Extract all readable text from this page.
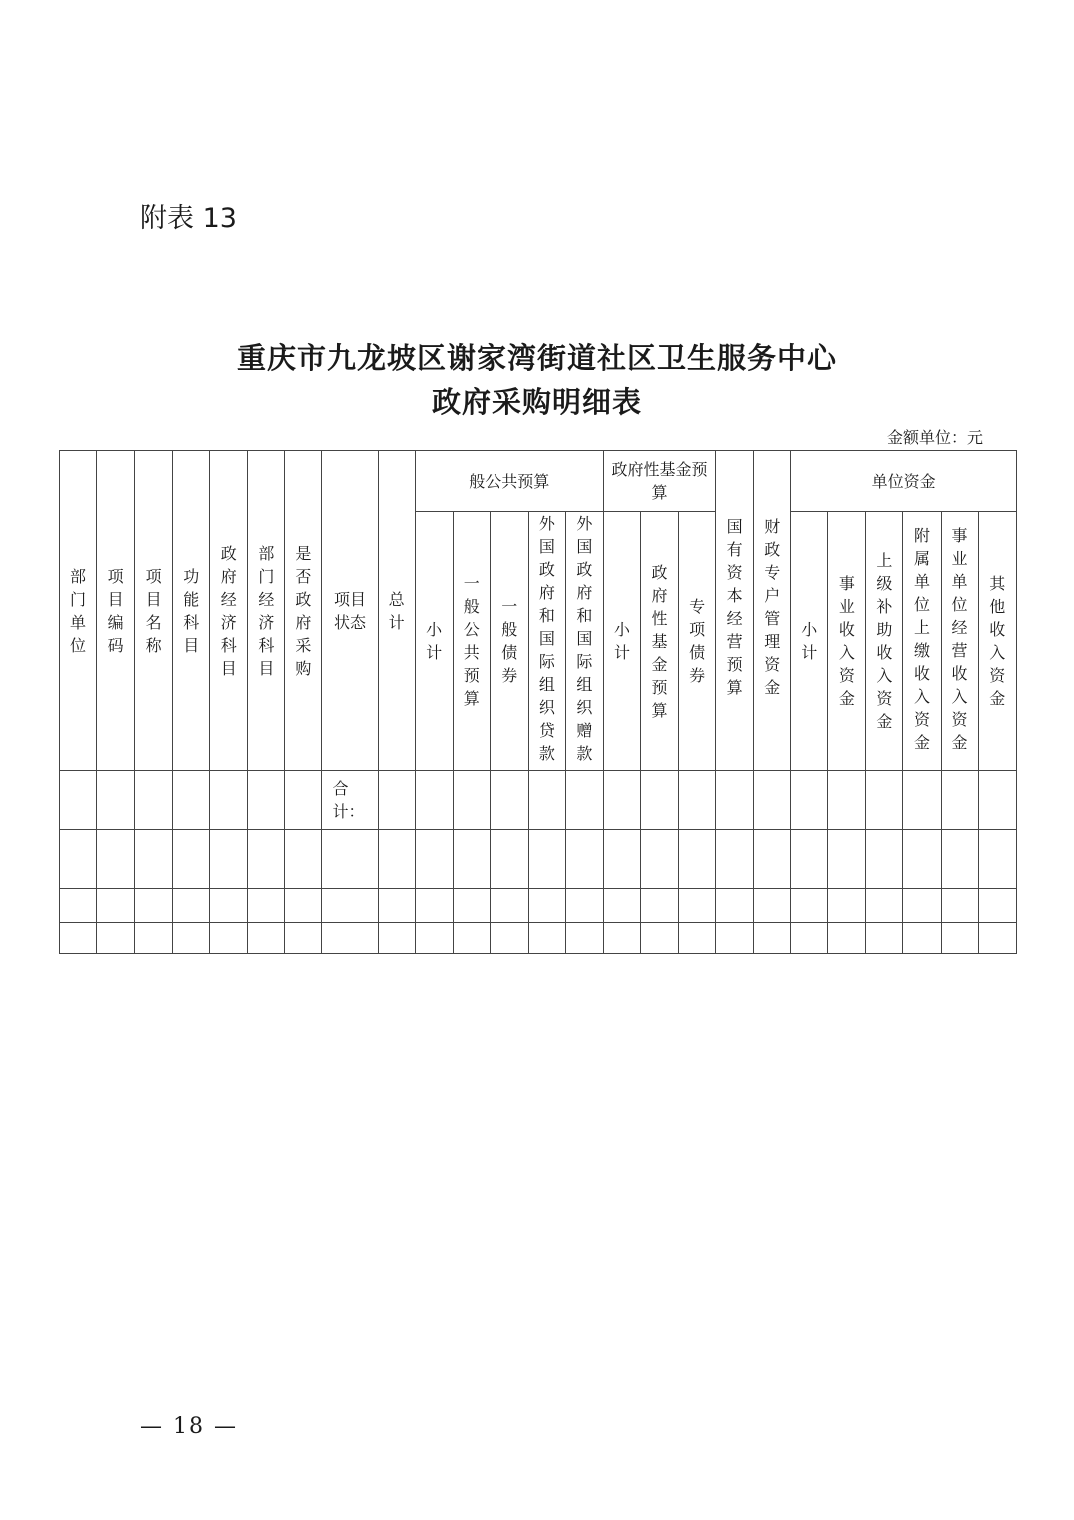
附表 13
重庆市九龙坡区谢家湾街道社区卫生服务中心
政府采购明细表
金额单位：元
部门单位	项目编码	项目名称	功能科目	政府经济科目	部门经济科目	是否政府采购	项目状态	总计	般公共预算					政府性基金预算			国有资本经营预算	财政专户管理资金	单位资金					
									小计	一般公共预算	一般债券	外国政府和国际组织贷款	外国政府和国际组织赠款	小计	政府性基金预算	专项债券			小计	事业收入资金	上级补助收入资金	附属单位上缴收入资金	事业单位经营收入资金	其他收入资金
							合计：																	

— 18 —
